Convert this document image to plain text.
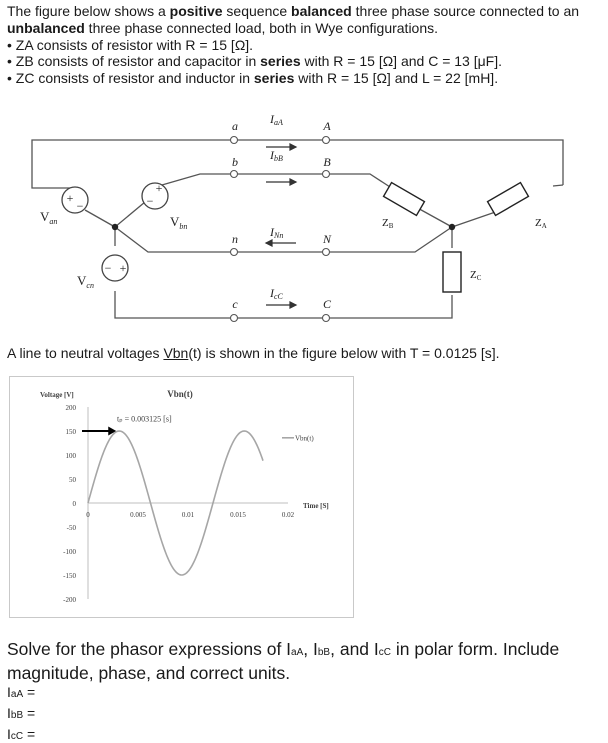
The figure below shows a positive sequence balanced three phase source connected to an unbalanced three phase connected load, both in Wye configurations.

• ZA consists of resistor with R = 15 [Ω].

• ZB consists of resistor and capacitor in series with R = 15 [Ω] and C = 13 [μF].

• ZC consists of resistor and inductor in series with R = 15 [Ω] and L = 22 [mH].

+
−
+
−
+
−
a	A
b	B
n	N
c	C
IaA
IbB
INn
IcC
$V_{an}$	$V_{bn}$
$V_{cn}$
ZB	ZA
ZC
A line to neutral voltages Vbn(t) is shown in the figure below with T = 0.0125 [s].
200
150
100
50
0
-50
-100
-150
-200
0	0.005	0.01	0.015	0.02
Vbn(t)
Voltage [V]
Time [S]
Vbn(t)
tₚ = 0.003125 [s]
Solve for the phasor expressions of IaA, IbB, and IcC in polar form. Include magnitude, phase, and correct units.
IaA =
IbB =
IcC =
